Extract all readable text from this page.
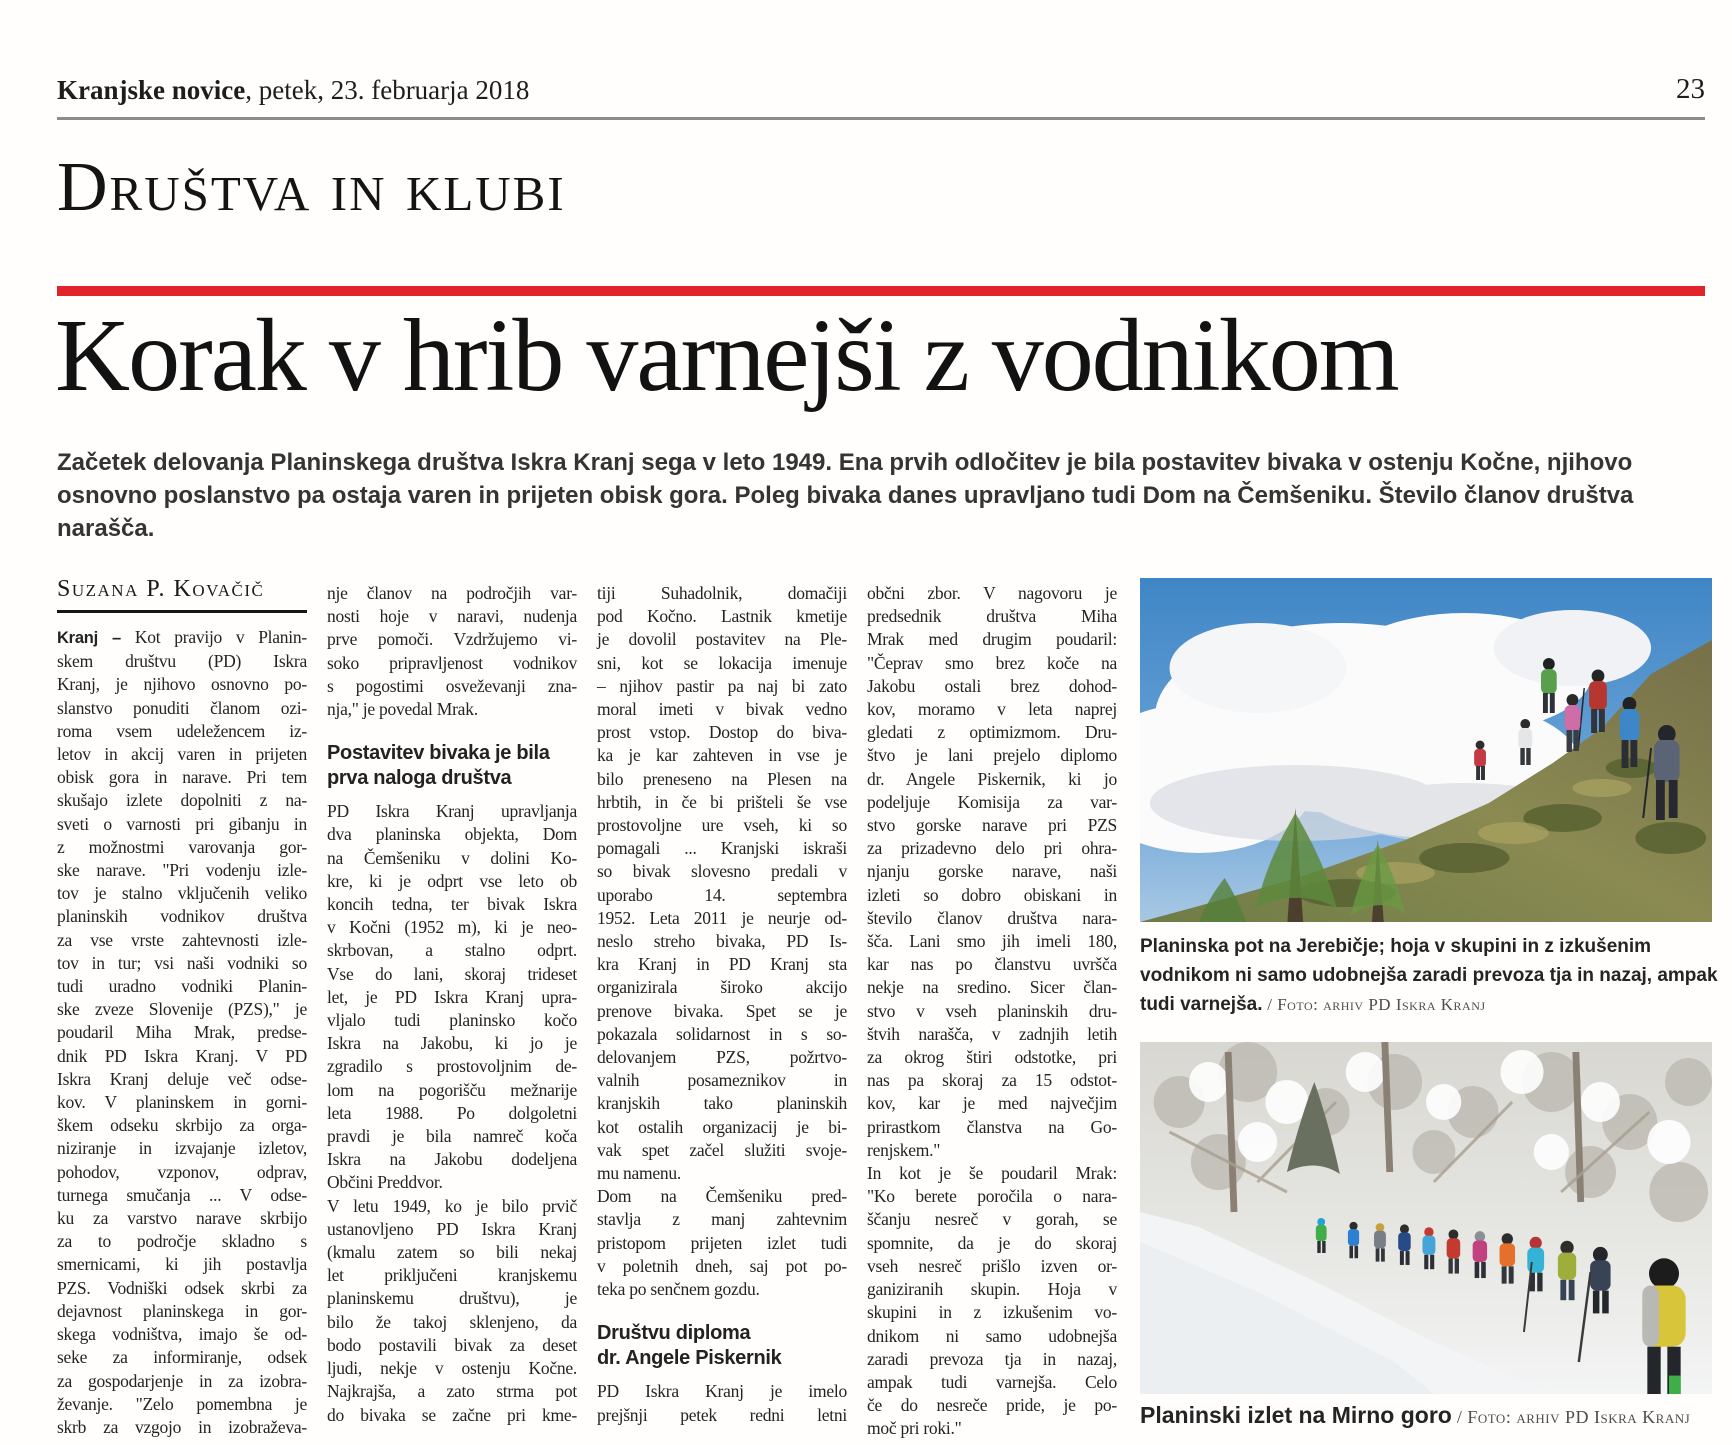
Kranjske novice, petek, 23. februarja 2018	23
Društva in klubi
Korak v hrib varnejši z vodnikom
Začetek delovanja Planinskega društva Iskra Kranj sega v leto 1949. Ena prvih odločitev je bila postavitev bivaka v ostenju Kočne, njihovo osnovno poslanstvo pa ostaja varen in prijeten obisk gora. Poleg bivaka danes upravljano tudi Dom na Čemšeniku. Število članov društva narašča.
Suzana P. Kovačič
Kranj – Kot pravijo v Planin-
skem društvu (PD) Iskra
Kranj, je njihovo osnovno po-
slanstvo ponuditi članom ozi-
roma vsem udeležencem iz-
letov in akcij varen in prijeten
obisk gora in narave. Pri tem
skušajo izlete dopolniti z na-
sveti o varnosti pri gibanju in
z možnostmi varovanja gor-
ske narave. "Pri vodenju izle-
tov je stalno vključenih veliko
planinskih vodnikov društva
za vse vrste zahtevnosti izle-
tov in tur; vsi naši vodniki so
tudi uradno vodniki Planin-
ske zveze Slovenije (PZS)," je
poudaril Miha Mrak, predse-
dnik PD Iskra Kranj. V PD
Iskra Kranj deluje več odse-
kov. V planinskem in gorni-
škem odseku skrbijo za orga-
niziranje in izvajanje izletov,
pohodov, vzponov, odprav,
turnega smučanja ... V odse-
ku za varstvo narave skrbijo
za to področje skladno s
smernicami, ki jih postavlja
PZS. Vodniški odsek skrbi za
dejavnost planinskega in gor-
skega vodništva, imajo še od-
seke za informiranje, odsek
za gospodarjenje in za izobra-
ževanje. "Zelo pomembna je
skrb za vzgojo in izobraževa-
nje članov na področjih var-
nosti hoje v naravi, nudenja
prve pomoči. Vzdržujemo vi-
soko pripravljenost vodnikov
s pogostimi osveževanji zna-
nja," je povedal Mrak.
Postavitev bivaka je bila
prva naloga društva
PD Iskra Kranj upravljanja
dva planinska objekta, Dom
na Čemšeniku v dolini Ko-
kre, ki je odprt vse leto ob
koncih tedna, ter bivak Iskra
v Kočni (1952 m), ki je neo-
skrbovan, a stalno odprt.
Vse do lani, skoraj trideset
let, je PD Iskra Kranj upra-
vljalo tudi planinsko kočo
Iskra na Jakobu, ki jo je
zgradilo s prostovoljnim de-
lom na pogorišču mežnarije
leta 1988. Po dolgoletni
pravdi je bila namreč koča
Iskra na Jakobu dodeljena
Občini Preddvor.
V letu 1949, ko je bilo prvič
ustanovljeno PD Iskra Kranj
(kmalu zatem so bili nekaj
let priključeni kranjskemu
planinskemu društvu), je
bilo že takoj sklenjeno, da
bodo postavili bivak za deset
ljudi, nekje v ostenju Kočne.
Najkrajša, a zato strma pot
do bivaka se začne pri kme-
tiji Suhadolnik, domačiji
pod Kočno. Lastnik kmetije
je dovolil postavitev na Ple-
sni, kot se lokacija imenuje
– njihov pastir pa naj bi zato
moral imeti v bivak vedno
prost vstop. Dostop do biva-
ka je kar zahteven in vse je
bilo preneseno na Plesen na
hrbtih, in če bi prišteli še vse
prostovoljne ure vseh, ki so
pomagali ... Kranjski iskraši
so bivak slovesno predali v
uporabo 14. septembra
1952. Leta 2011 je neurje od-
neslo streho bivaka, PD Is-
kra Kranj in PD Kranj sta
organizirala široko akcijo
prenove bivaka. Spet se je
pokazala solidarnost in s so-
delovanjem PZS, požrtvo-
valnih posameznikov in
kranjskih tako planinskih
kot ostalih organizacij je bi-
vak spet začel služiti svoje-
mu namenu.
Dom na Čemšeniku pred-
stavlja z manj zahtevnim
pristopom prijeten izlet tudi
v poletnih dneh, saj pot po-
teka po senčnem gozdu.
Društvu diploma
dr. Angele Piskernik
PD Iskra Kranj je imelo
prejšnji petek redni letni
občni zbor. V nagovoru je
predsednik društva Miha
Mrak med drugim poudaril:
"Čeprav smo brez koče na
Jakobu ostali brez dohod-
kov, moramo v leta naprej
gledati z optimizmom. Dru-
štvo je lani prejelo diplomo
dr. Angele Piskernik, ki jo
podeljuje Komisija za var-
stvo gorske narave pri PZS
za prizadevno delo pri ohra-
njanju gorske narave, naši
izleti so dobro obiskani in
število članov društva nara-
šča. Lani smo jih imeli 180,
kar nas po članstvu uvršča
nekje na sredino. Sicer član-
stvo v vseh planinskih dru-
štvih narašča, v zadnjih letih
za okrog štiri odstotke, pri
nas pa skoraj za 15 odstot-
kov, kar je med največjim
prirastkom članstva na Go-
renjskem."
In kot je še poudaril Mrak:
"Ko berete poročila o nara-
ščanju nesreč v gorah, se
spomnite, da je do skoraj
vseh nesreč prišlo izven or-
ganiziranih skupin. Hoja v
skupini in z izkušenim vo-
dnikom ni samo udobnejša
zaradi prevoza tja in nazaj,
ampak tudi varnejša. Celo
če do nesreče pride, je po-
moč pri roki."

Planinska pot na Jerebičje; hoja v skupini in z izkušenim vodnikom ni samo udobnejša zaradi prevoza tja in nazaj, ampak tudi varnejša. / Foto: arhiv PD Iskra Kranj

Planinski izlet na Mirno goro / Foto: arhiv PD Iskra Kranj
